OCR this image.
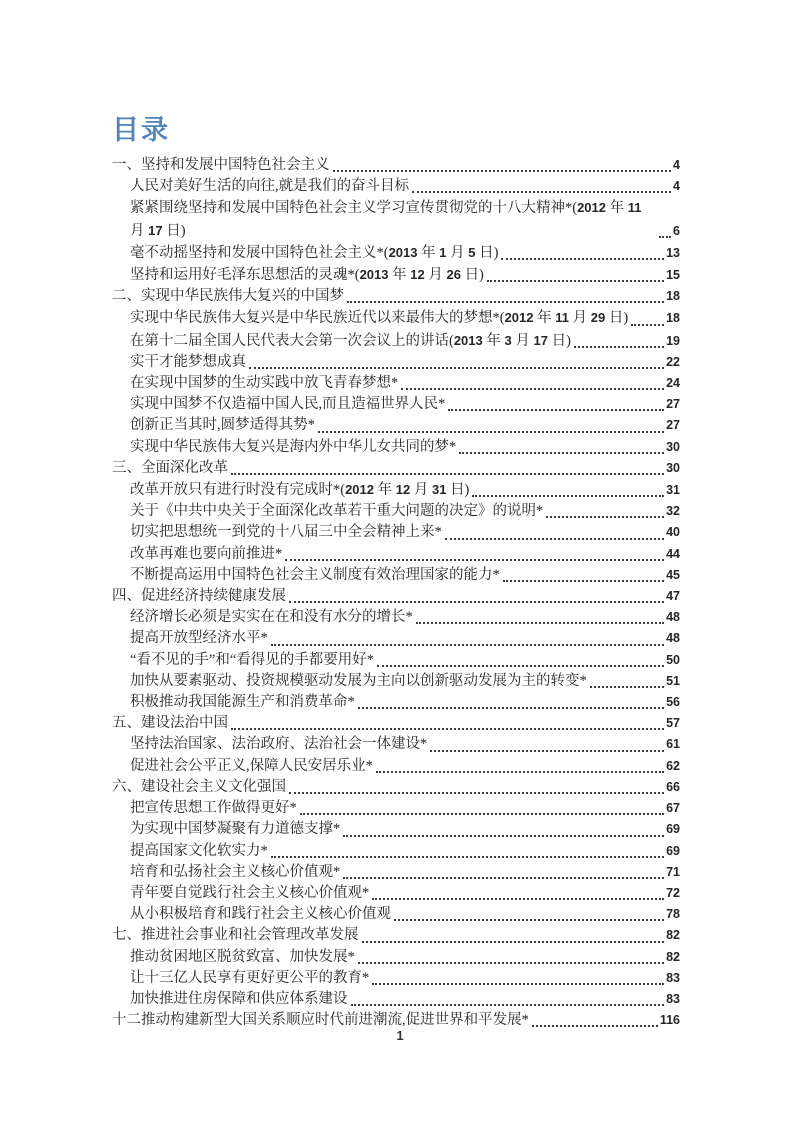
目录
一、坚持和发展中国特色社会主义	4
人民对美好生活的向往,就是我们的奋斗目标	4
紧紧围绕坚持和发展中国特色社会主义学习宣传贯彻党的十八大精神*(2012 年 11 月 17 日)	6
毫不动摇坚持和发展中国特色社会主义*(2013 年 1 月 5 日)	13
坚持和运用好毛泽东思想活的灵魂*(2013 年 12 月 26 日)	15
二、实现中华民族伟大复兴的中国梦	18
实现中华民族伟大复兴是中华民族近代以来最伟大的梦想*(2012 年 11 月 29 日)	18
在第十二届全国人民代表大会第一次会议上的讲话(2013 年 3 月 17 日)	19
实干才能梦想成真	22
在实现中国梦的生动实践中放飞青春梦想*	24
实现中国梦不仅造福中国人民,而且造福世界人民*	27
创新正当其时,圆梦适得其势*	27
实现中华民族伟大复兴是海内外中华儿女共同的梦*	30
三、全面深化改革	30
改革开放只有进行时没有完成时*(2012 年 12 月 31 日)	31
关于《中共中央关于全面深化改革若干重大问题的决定》的说明*	32
切实把思想统一到党的十八届三中全会精神上来*	40
改革再难也要向前推进*	44
不断提高运用中国特色社会主义制度有效治理国家的能力*	45
四、促进经济持续健康发展	47
经济增长必须是实实在在和没有水分的增长*	48
提高开放型经济水平*	48
“看不见的手”和“看得见的手都要用好*	50
加快从要素驱动、投资规模驱动发展为主向以创新驱动发展为主的转变*	51
积极推动我国能源生产和消费革命*	56
五、建设法治中国	57
坚持法治国家、法治政府、法治社会一体建设*	61
促进社会公平正义,保障人民安居乐业*	62
六、建设社会主义文化强国	66
把宣传思想工作做得更好*	67
为实现中国梦凝聚有力道德支撑*	69
提高国家文化软实力*	69
培育和弘扬社会主义核心价值观*	71
青年要自觉践行社会主义核心价值观*	72
从小积极培育和践行社会主义核心价值观	78
七、推进社会事业和社会管理改革发展	82
推动贫困地区脱贫致富、加快发展*	82
让十三亿人民享有更好更公平的教育*	83
加快推进住房保障和供应体系建设	83
十二推动构建新型大国关系顺应时代前进潮流,促进世界和平发展*	116
1
